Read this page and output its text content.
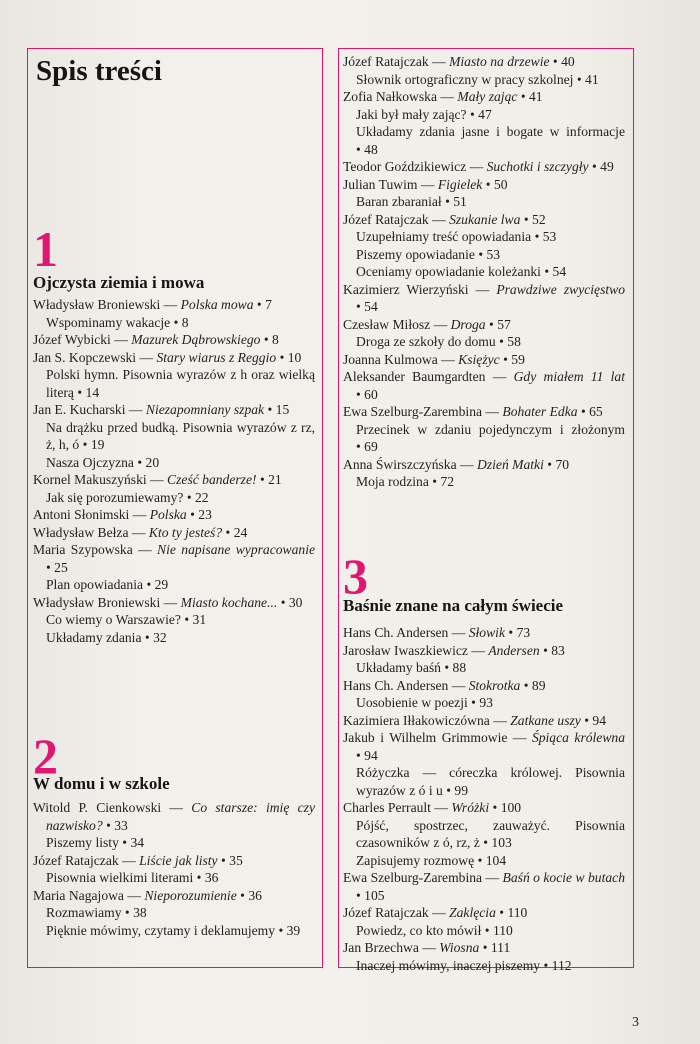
Spis treści
1
Ojczysta ziemia i mowa
Władysław Broniewski — Polska mowa • 7
Wspominamy wakacje • 8
Józef Wybicki — Mazurek Dąbrowskiego • 8
Jan S. Kopczewski — Stary wiarus z Reggio • 10
Polski hymn. Pisownia wyrazów z h oraz wielką literą • 14
Jan E. Kucharski — Niezapomniany szpak • 15
Na drążku przed budką. Pisownia wyrazów z rz, ż, h, ó • 19
Nasza Ojczyzna • 20
Kornel Makuszyński — Cześć banderze! • 21
Jak się porozumiewamy? • 22
Antoni Słonimski — Polska • 23
Władysław Bełza — Kto ty jesteś? • 24
Maria Szypowska — Nie napisane wypracowanie • 25
Plan opowiadania • 29
Władysław Broniewski — Miasto kochane... • 30
Co wiemy o Warszawie? • 31
Układamy zdania • 32
2
W domu i w szkole
Witold P. Cienkowski — Co starsze: imię czy nazwisko? • 33
Piszemy listy • 34
Józef Ratajczak — Liście jak listy • 35
Pisownia wielkimi literami • 36
Maria Nagajowa — Nieporozumienie • 36
Rozmawiamy • 38
Pięknie mówimy, czytamy i deklamujemy • 39
Józef Ratajczak — Miasto na drzewie • 40
Słownik ortograficzny w pracy szkolnej • 41
Zofia Nałkowska — Mały zając • 41
Jaki był mały zając? • 47
Układamy zdania jasne i bogate w informacje • 48
Teodor Goździkiewicz — Suchotki i szczygły • 49
Julian Tuwim — Figielek • 50
Baran zbaraniał • 51
Józef Ratajczak — Szukanie lwa • 52
Uzupełniamy treść opowiadania • 53
Piszemy opowiadanie • 53
Oceniamy opowiadanie koleżanki • 54
Kazimierz Wierzyński — Prawdziwe zwycięstwo • 54
Czesław Miłosz — Droga • 57
Droga ze szkoły do domu • 58
Joanna Kulmowa — Księżyc • 59
Aleksander Baumgardten — Gdy miałem 11 lat • 60
Ewa Szelburg-Zarembina — Bohater Edka • 65
Przecinek w zdaniu pojedynczym i złożonym • 69
Anna Świrszczyńska — Dzień Matki • 70
Moja rodzina • 72
3
Baśnie znane na całym świecie
Hans Ch. Andersen — Słowik • 73
Jarosław Iwaszkiewicz — Andersen • 83
Układamy baśń • 88
Hans Ch. Andersen — Stokrotka • 89
Uosobienie w poezji • 93
Kazimiera Iłłakowiczówna — Zatkane uszy • 94
Jakub i Wilhelm Grimmowie — Śpiąca królewna • 94
Różyczka — córeczka królowej. Pisownia wyrazów z ó i u • 99
Charles Perrault — Wróżki • 100
Pójść, spostrzec, zauważyć. Pisownia czasowników z ó, rz, ż • 103
Zapisujemy rozmowę • 104
Ewa Szelburg-Zarembina — Baśń o kocie w butach • 105
Józef Ratajczak — Zaklęcia • 110
Powiedz, co kto mówił • 110
Jan Brzechwa — Wiosna • 111
Inaczej mówimy, inaczej piszemy • 112
3
